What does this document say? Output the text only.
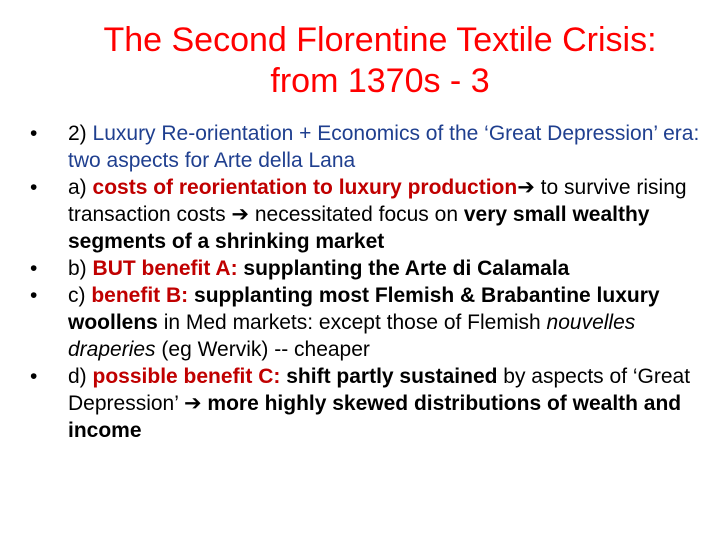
The Second Florentine Textile Crisis:
from 1370s - 3
• 2) Luxury Re-orientation + Economics of the ‘Great Depression’ era: two aspects for Arte della Lana
• a) costs of reorientation to luxury production➔ to survive rising transaction costs ➔ necessitated focus on very small wealthy segments of a shrinking market
• b) BUT benefit A: supplanting the Arte di Calamala
• c) benefit B: supplanting most Flemish & Brabantine luxury woollens in Med markets: except those of Flemish nouvelles draperies (eg Wervik) -- cheaper
• d) possible benefit C: shift partly sustained by aspects of ‘Great Depression’ ➔ more highly skewed distributions of wealth and income
